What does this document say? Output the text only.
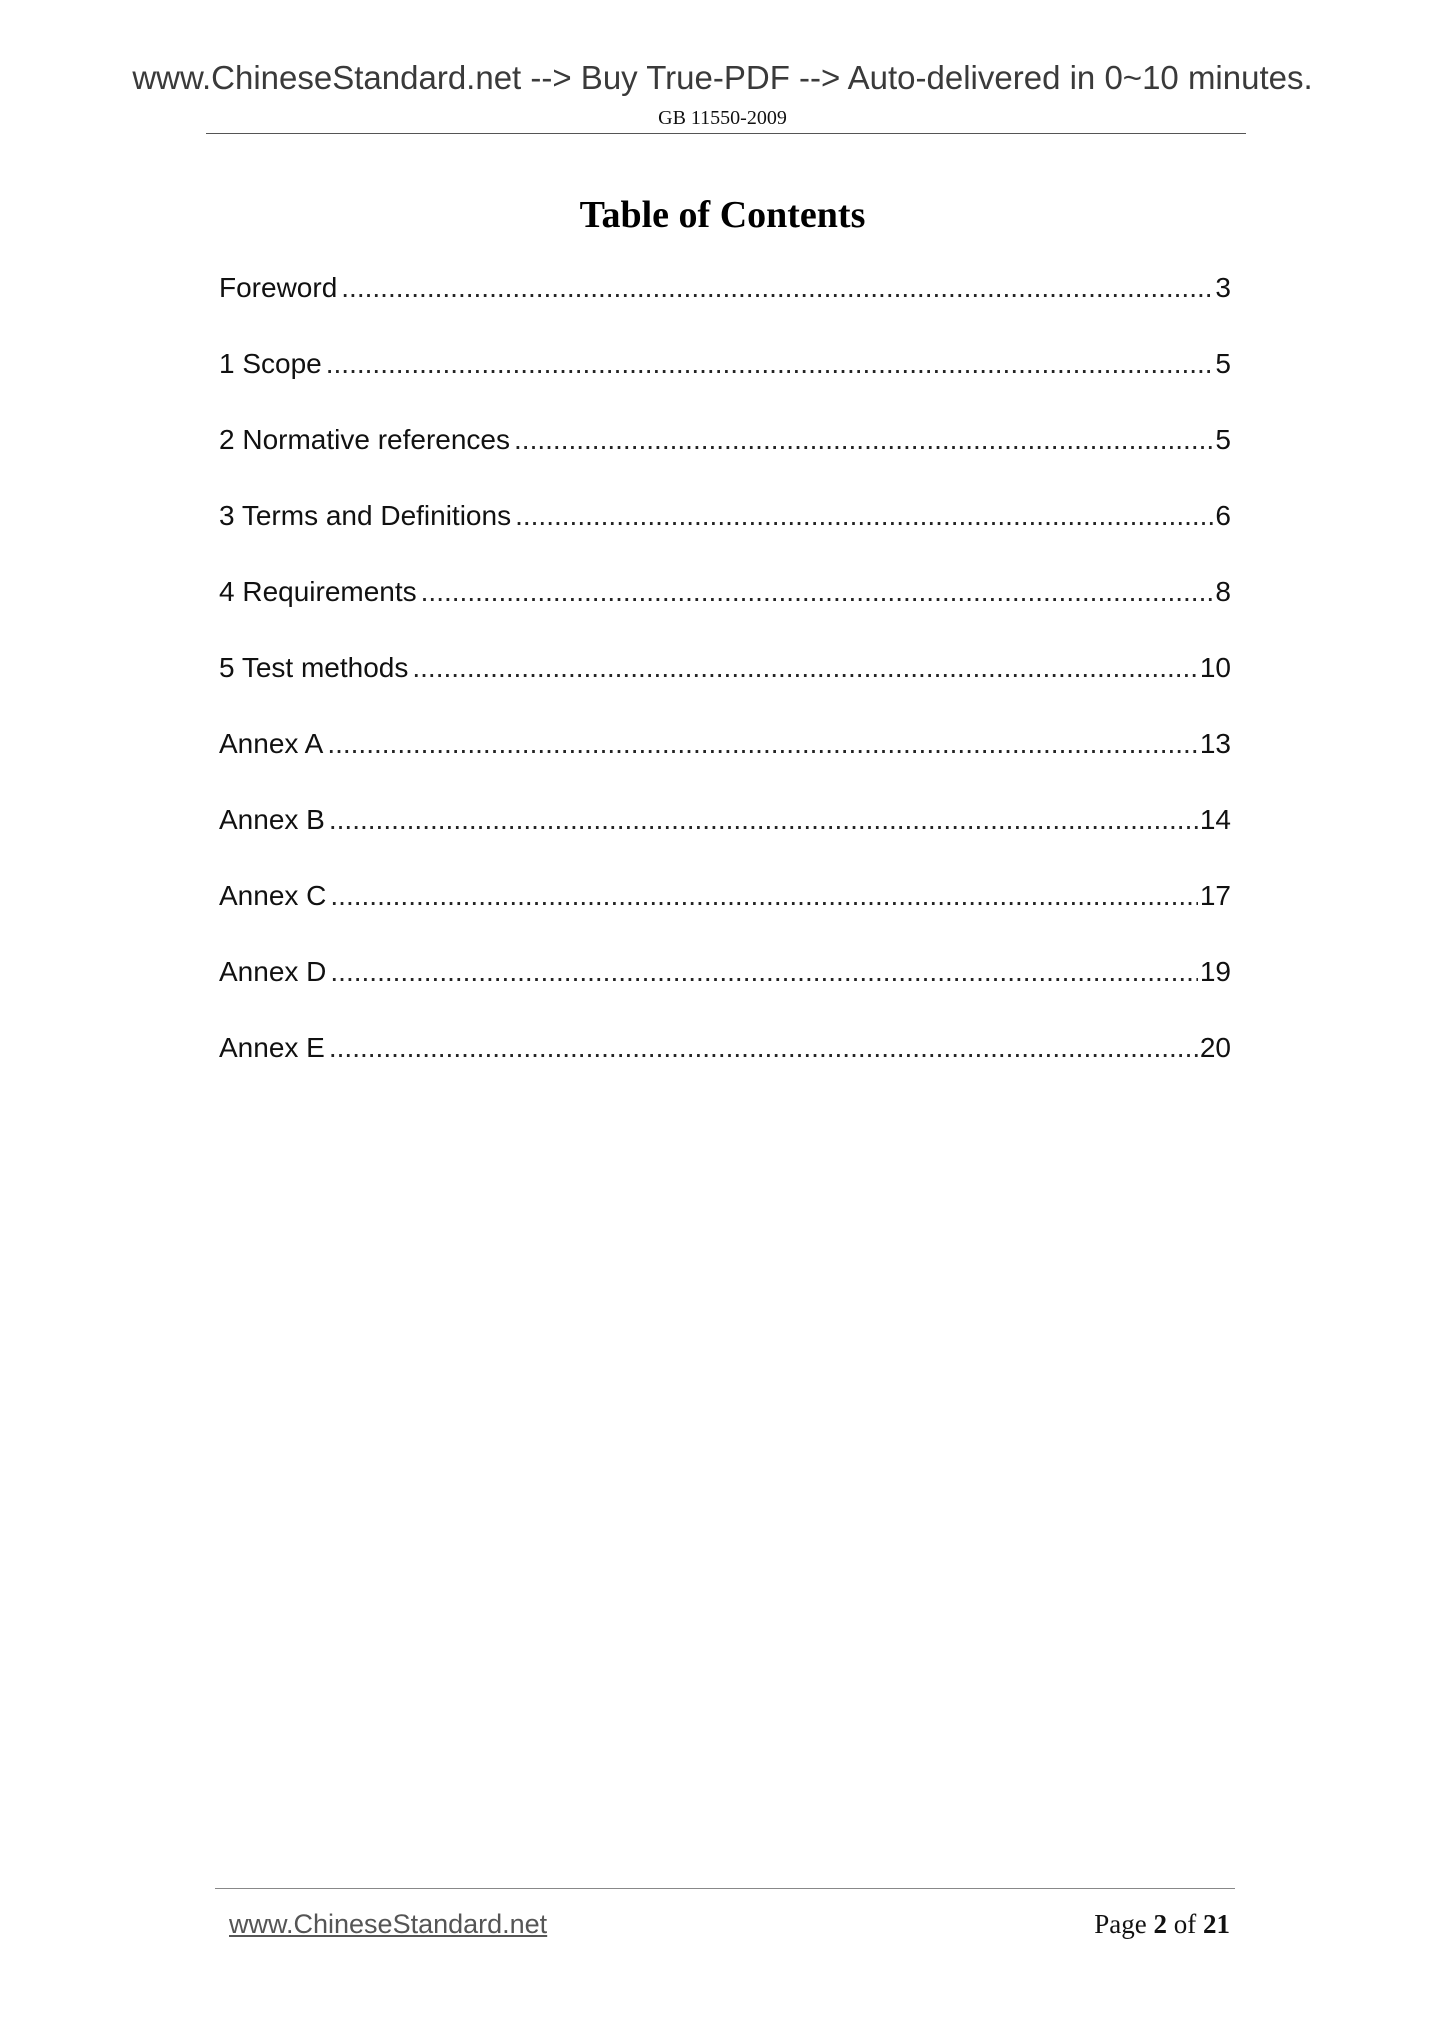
www.ChineseStandard.net --> Buy True-PDF --> Auto-delivered in 0~10 minutes.
GB 11550-2009
Table of Contents
Foreword .....	3
1 Scope .....	5
2 Normative references .....	5
3 Terms and Definitions .....	6
4 Requirements .....	8
5 Test methods .....	10
Annex A .....	13
Annex B .....	14
Annex C .....	17
Annex D .....	19
Annex E .....	20
www.ChineseStandard.net	Page 2 of 21
